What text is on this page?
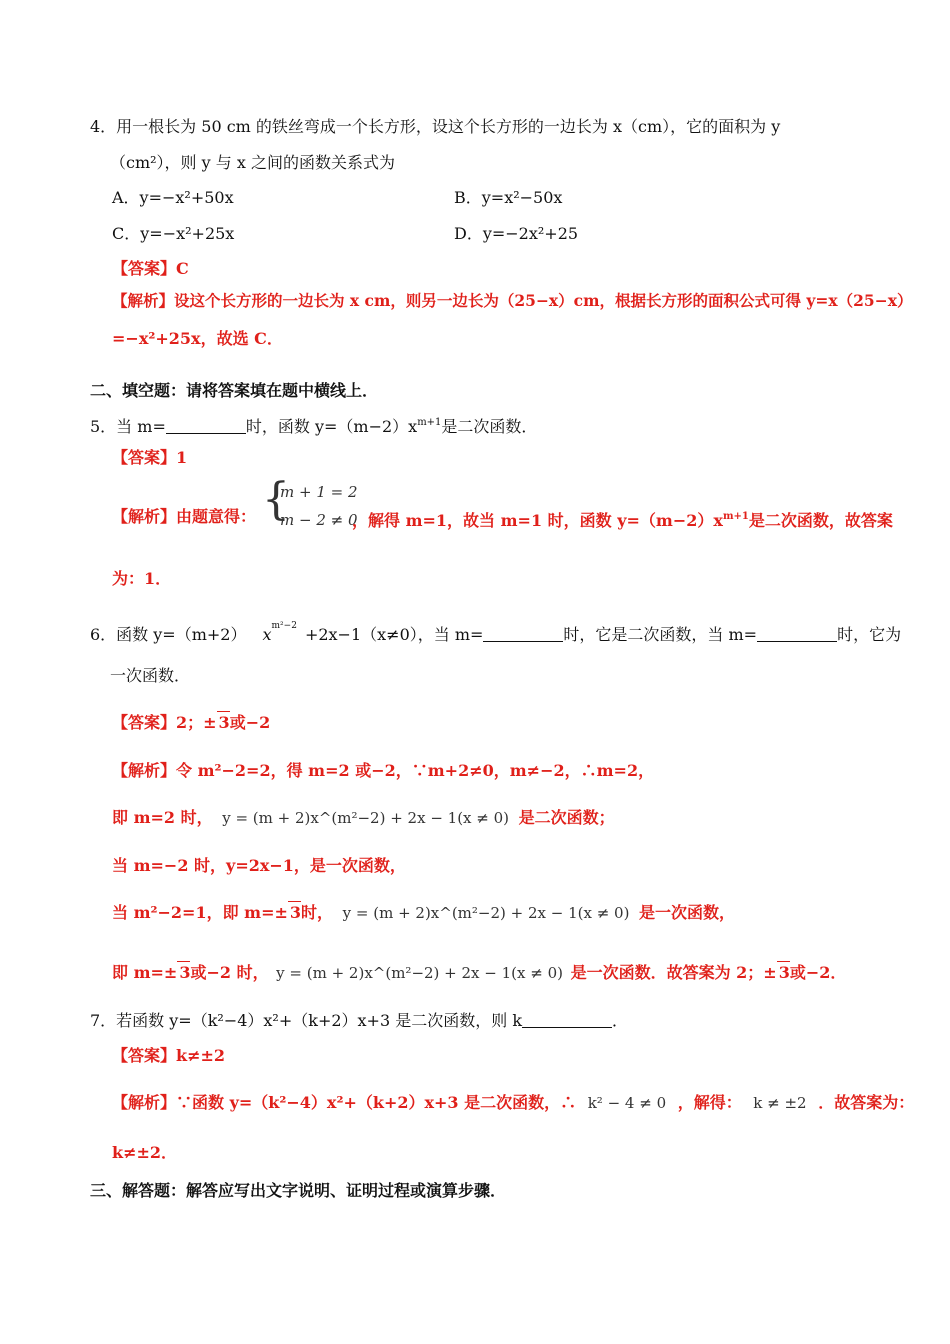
4．用一根长为 50 cm 的铁丝弯成一个长方形，设这个长方形的一边长为 x（cm），它的面积为 y
（cm²），则 y 与 x 之间的函数关系式为
A．y=−x²+50x	B．y=x²−50x
C．y=−x²+25x	D．y=−2x²+25
【答案】C
【解析】设这个长方形的一边长为 x cm，则另一边长为（25−x）cm，根据长方形的面积公式可得 y=x（25−x）
=−x²+25x，故选 C．
二、填空题：请将答案填在题中横线上．
5．当 m=	时，函数 $y=(m-2)x^{m+1}$是二次函数．
【答案】1
【解析】由题意得： {
m + 1 = 2
m − 2 ≠ 0
，解得 m=1，故当 m=1 时，函数 $y=(m-2)x^{m+1}$是二次函数，故答案
为：1．
6．函数 y=（m+2） $x^{m^2-2} +2x-1(x\ne 0)$，当 m=	时，它是二次函数，当 m=	时，它为
一次函数．
【答案】2；± 3或−2
【解析】令 m²−2=2，得 m=2 或−2，∵m+2≠0，m≠−2，∴m=2，
即 m=2 时， y = (m + 2)x^(m²−2) + 2x − 1(x ≠ 0) 是二次函数；
当 m=−2 时，y=2x−1，是一次函数，
当 m²−2=1，即 m=± 3时， y = (m + 2)x^(m²−2) + 2x − 1(x ≠ 0) 是一次函数，
即 m=± 3或−2 时， y = (m + 2)x^(m²−2) + 2x − 1(x ≠ 0) 是一次函数．故答案为 2；± 3或−2．
7．若函数 y=（k²−4）x²+（k+2）x+3 是二次函数，则 k	．
【答案】k≠±2
【解析】∵函数 y=（k²−4）x²+（k+2）x+3 是二次函数，∴ k² − 4 ≠ 0 ，解得： k ≠ ±2 ．故答案为：
k≠±2．
三、解答题：解答应写出文字说明、证明过程或演算步骤．
